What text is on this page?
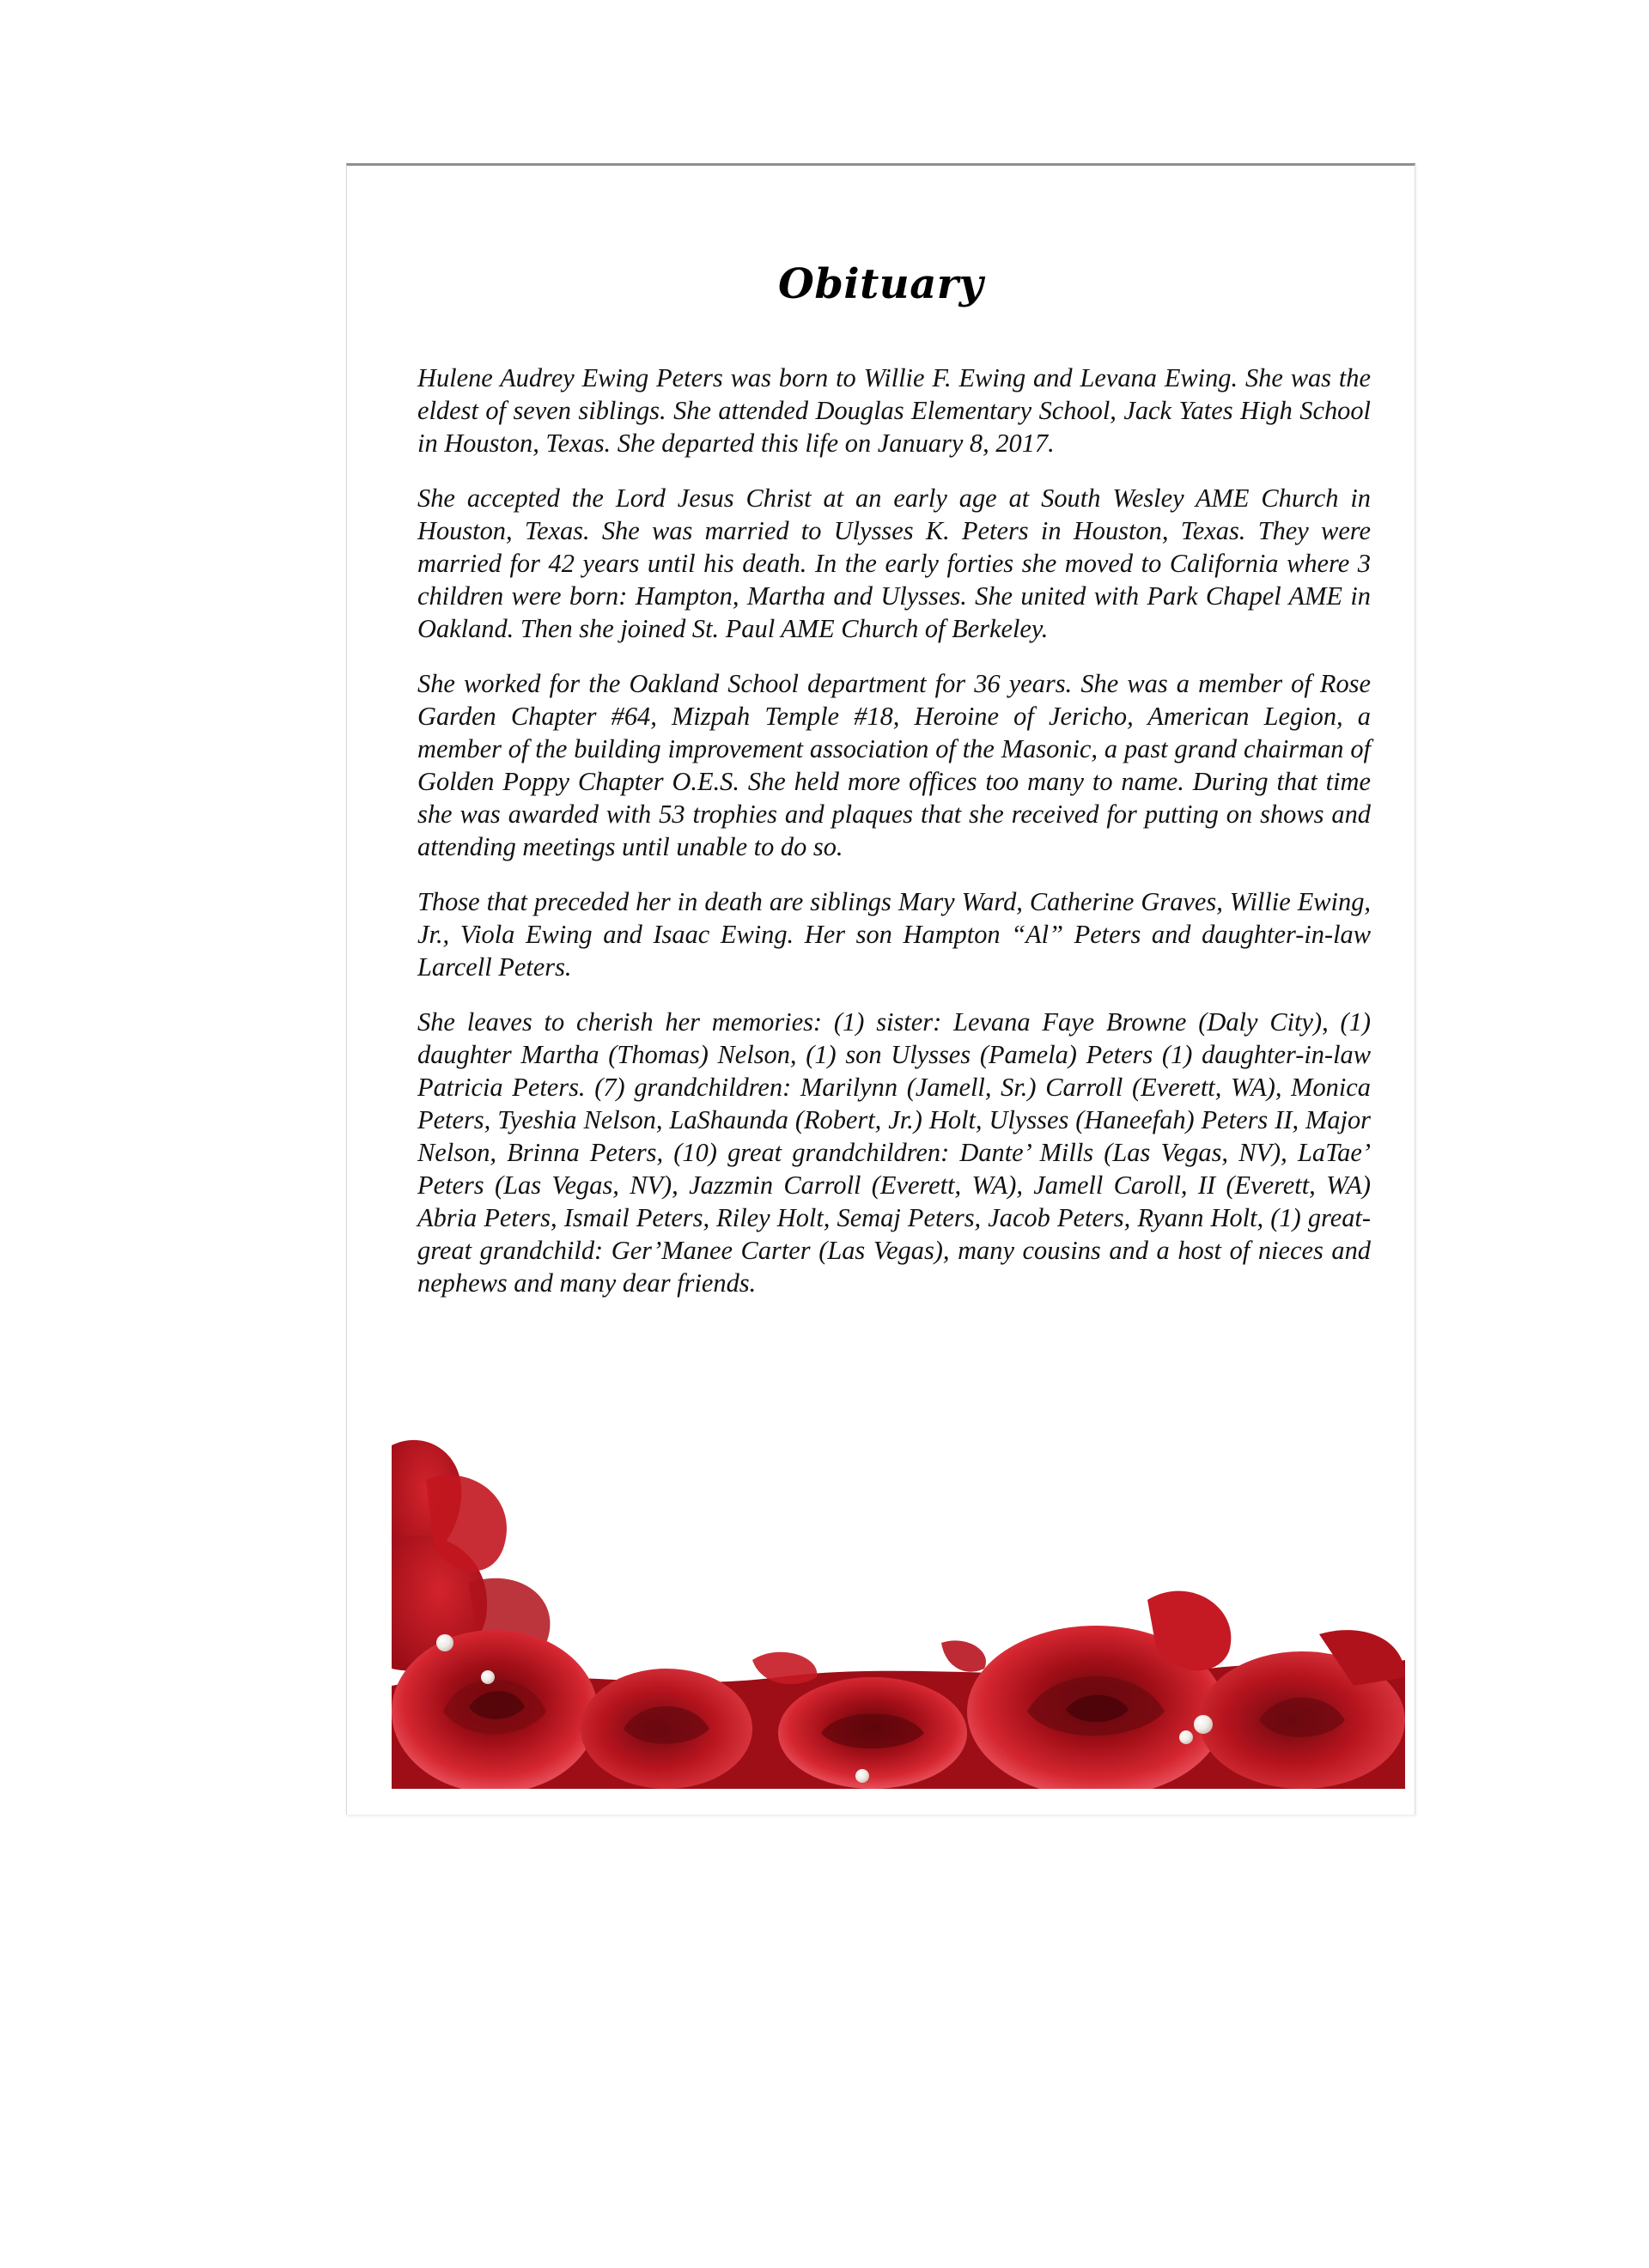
Obituary

Hulene Audrey Ewing Peters was born to Willie F. Ewing and Levana Ewing. She was the eldest of seven siblings. She attended Douglas Elementary School, Jack Yates High School in Houston, Texas. She departed this life on January 8, 2017.

She accepted the Lord Jesus Christ at an early age at South Wesley AME Church in Houston, Texas. She was married to Ulysses K. Peters in Houston, Texas. They were married for 42 years until his death. In the early forties she moved to California where 3 children were born: Hampton, Martha and Ulysses. She united with Park Chapel AME in Oakland. Then she joined St. Paul AME Church of Berkeley.

She worked for the Oakland School department for 36 years. She was a member of Rose Garden Chapter #64, Mizpah Temple #18, Heroine of Jericho, American Legion, a member of the building improvement association of the Masonic, a past grand chairman of Golden Poppy Chapter O.E.S. She held more offices too many to name. During that time she was awarded with 53 trophies and plaques that she received for putting on shows and attending meetings until unable to do so.

Those that preceded her in death are siblings Mary Ward, Catherine Graves, Willie Ewing, Jr., Viola Ewing and Isaac Ewing. Her son Hampton “Al” Peters and daughter-in-law Larcell Peters.

She leaves to cherish her memories: (1) sister: Levana Faye Browne (Daly City), (1) daughter Martha (Thomas) Nelson, (1) son Ulysses (Pamela) Peters (1) daughter-in-law Patricia Peters. (7) grandchildren: Marilynn (Jamell, Sr.) Carroll (Everett, WA), Monica Peters, Tyeshia Nelson, LaShaunda (Robert, Jr.) Holt, Ulysses (Haneefah) Peters II, Major Nelson, Brinna Peters, (10) great grandchildren: Dante’ Mills (Las Vegas, NV), LaTae’ Peters (Las Vegas, NV), Jazzmin Carroll (Everett, WA), Jamell Caroll, II (Everett, WA) Abria Peters, Ismail Peters, Riley Holt, Semaj Peters, Jacob Peters, Ryann Holt, (1) great-great grandchild: Ger’Manee Carter (Las Vegas), many cousins and a host of nieces and nephews and many dear friends.
